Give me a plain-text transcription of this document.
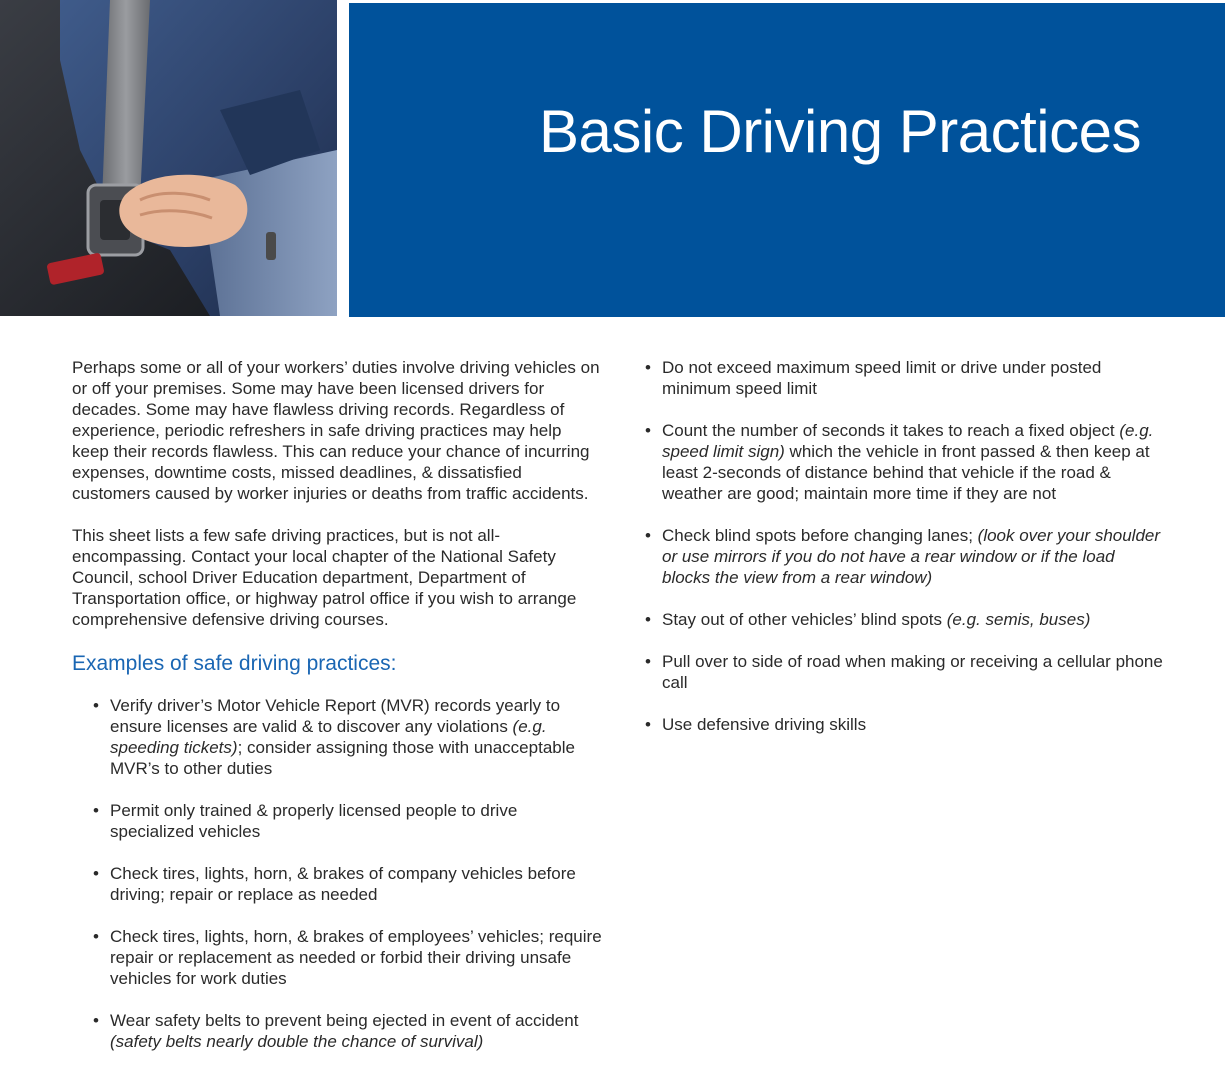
Basic Driving Practices

Perhaps some or all of your workers’ duties involve driving vehicles on or off your premises. Some may have been licensed drivers for decades. Some may have flawless driving records. Regardless of experience, periodic refreshers in safe driving practices may help keep their records flawless. This can reduce your chance of incurring expenses, downtime costs, missed deadlines, & dissatisfied customers caused by worker injuries or deaths from traffic accidents.

This sheet lists a few safe driving practices, but is not all-encompassing. Contact your local chapter of the National Safety Council, school Driver Education department, Department of Transportation office, or highway patrol office if you wish to arrange comprehensive defensive driving courses.

Examples of safe driving practices:
• Verify driver’s Motor Vehicle Report (MVR) records yearly to ensure licenses are valid & to discover any violations (e.g. speeding tickets); consider assigning those with unacceptable MVR’s to other duties
• Permit only trained & properly licensed people to drive specialized vehicles
• Check tires, lights, horn, & brakes of company vehicles before driving; repair or replace as needed
• Check tires, lights, horn, & brakes of employees’ vehicles; require repair or replacement as needed or forbid their driving unsafe vehicles for work duties
• Wear safety belts to prevent being ejected in event of accident (safety belts nearly double the chance of survival)
• Do not exceed maximum speed limit or drive under posted minimum speed limit
• Count the number of seconds it takes to reach a fixed object (e.g. speed limit sign) which the vehicle in front passed & then keep at least 2-seconds of distance behind that vehicle if the road & weather are good; maintain more time if they are not
• Check blind spots before changing lanes; (look over your shoulder or use mirrors if you do not have a rear window or if the load blocks the view from a rear window)
• Stay out of other vehicles’ blind spots (e.g. semis, buses)
• Pull over to side of road when making or receiving a cellular phone call
• Use defensive driving skills
